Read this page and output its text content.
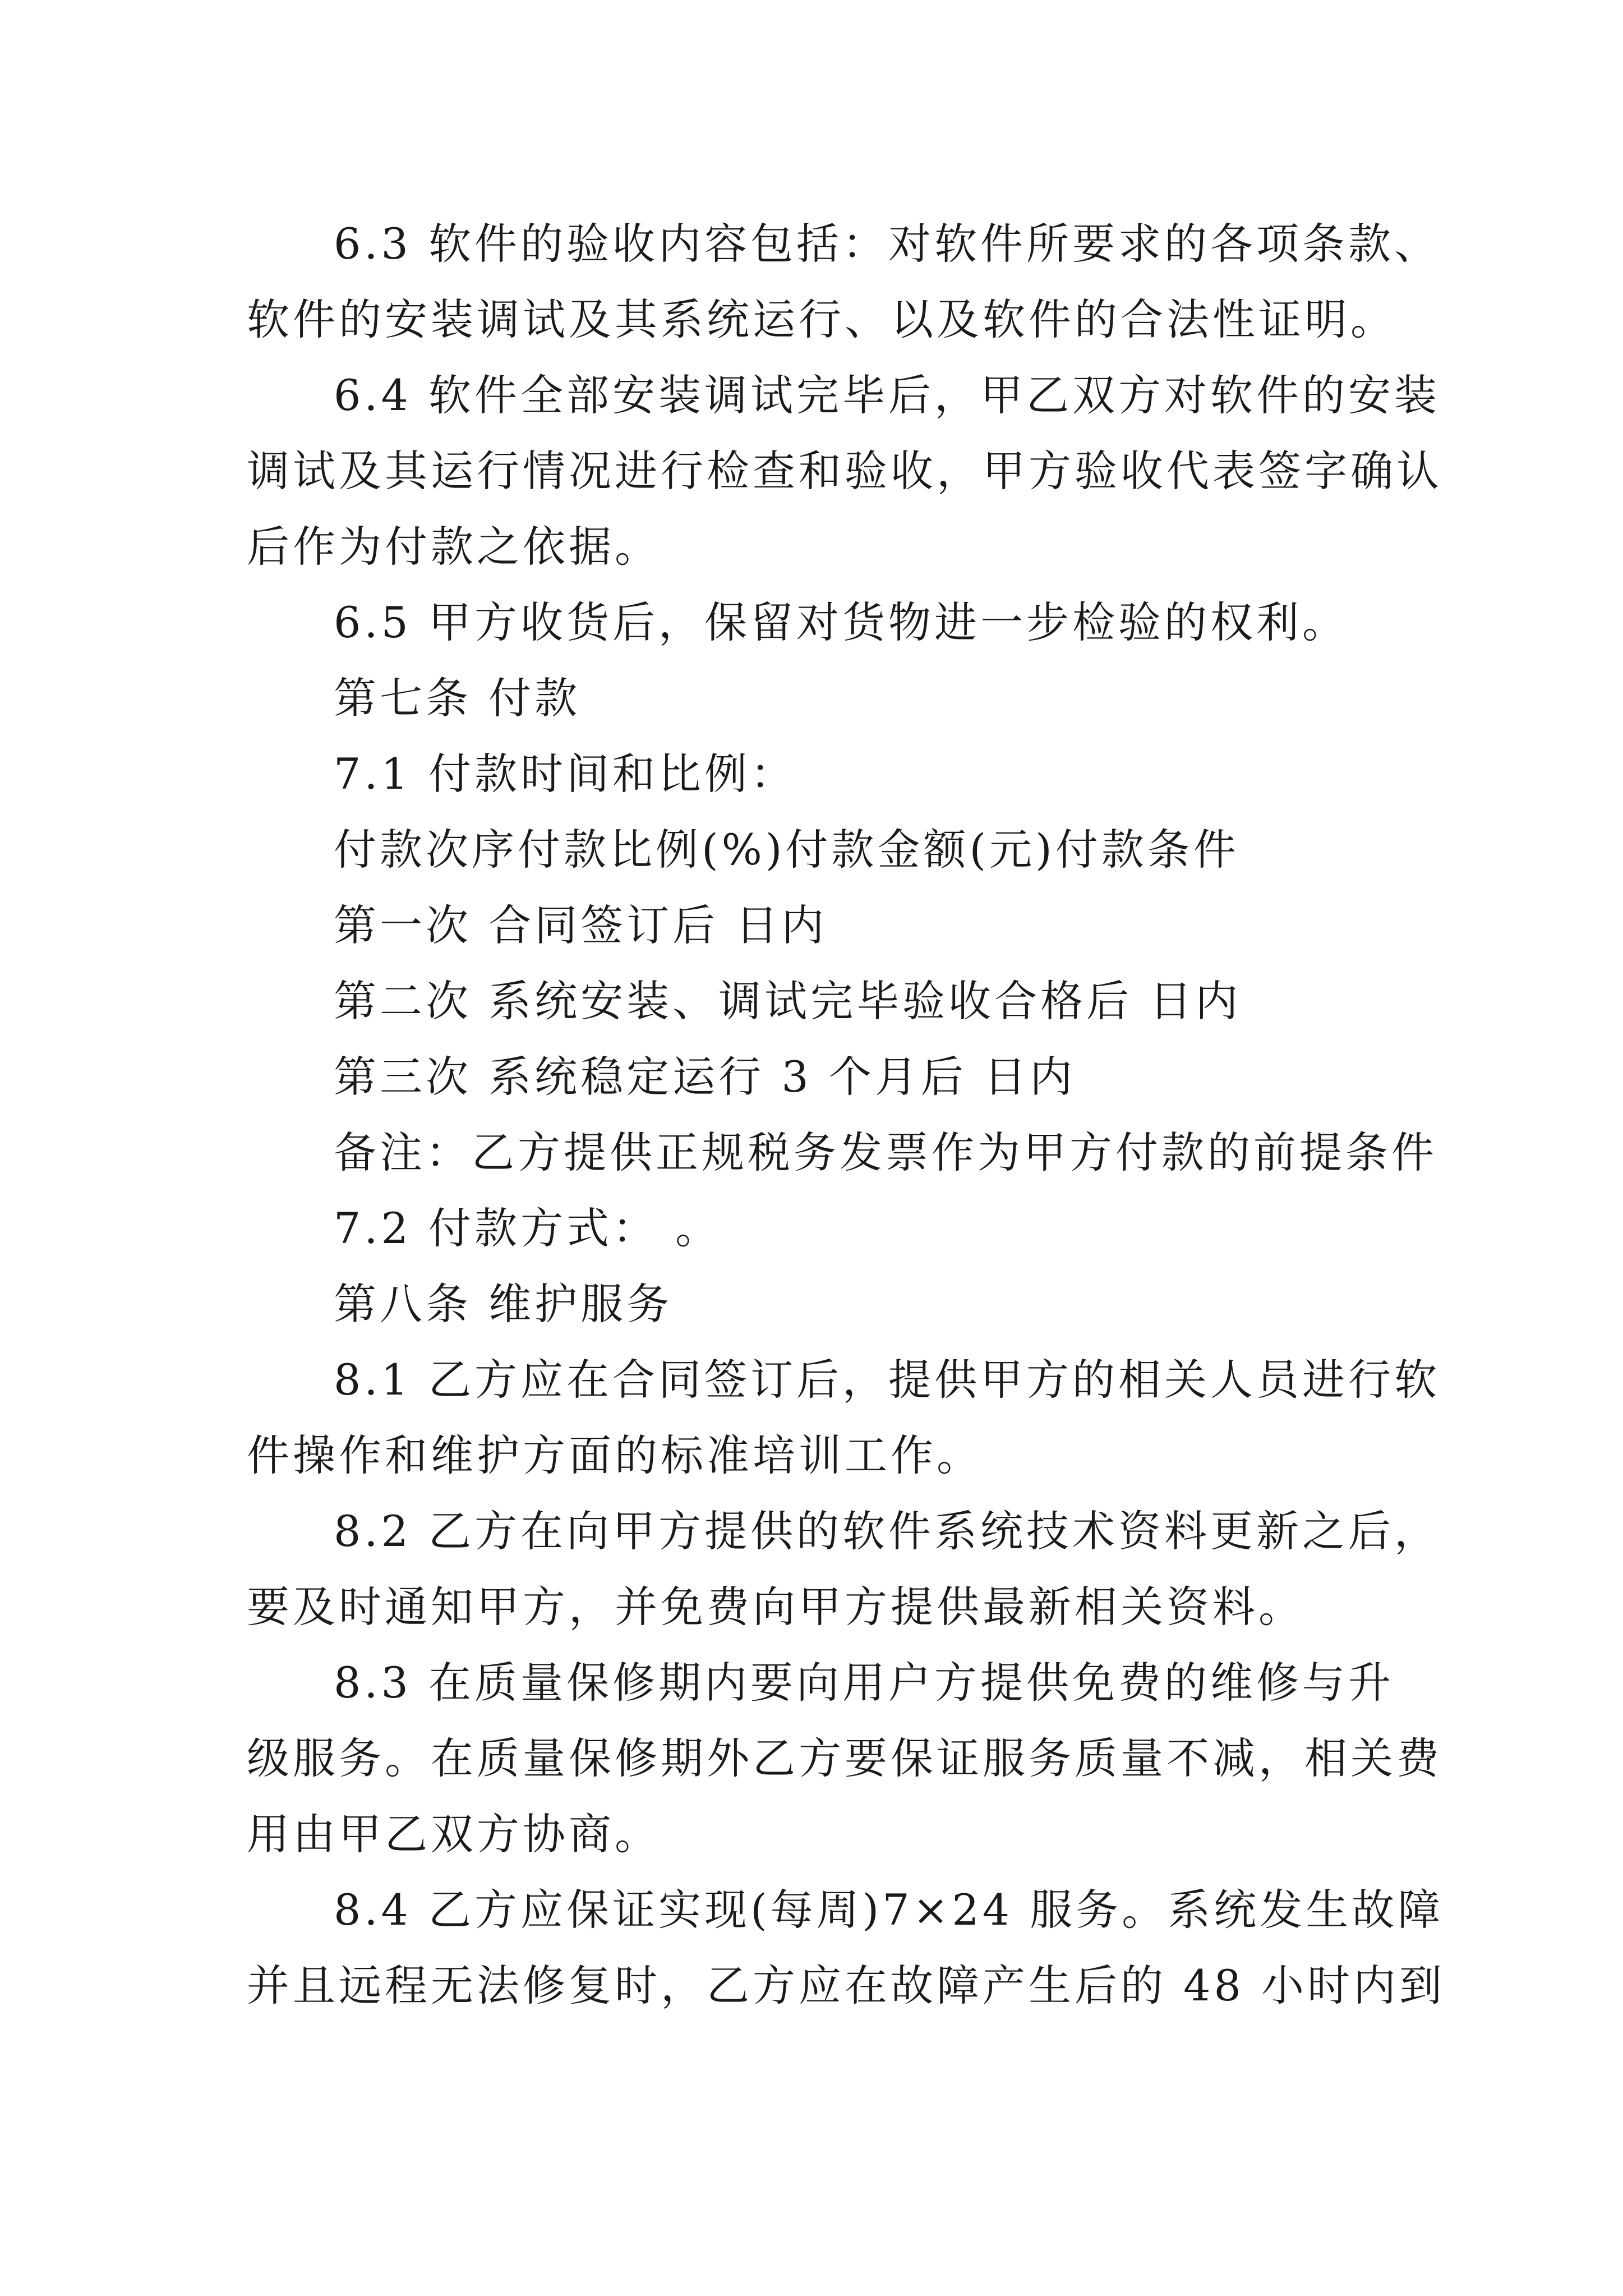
6.3 软件的验收内容包括：对软件所要求的各项条款、
软件的安装调试及其系统运行、以及软件的合法性证明。
6.4 软件全部安装调试完毕后，甲乙双方对软件的安装
调试及其运行情况进行检查和验收，甲方验收代表签字确认
后作为付款之依据。
6.5 甲方收货后，保留对货物进一步检验的权利。
第七条 付款
7.1 付款时间和比例：
付款次序付款比例(%)付款金额(元)付款条件
第一次 合同签订后 日内
第二次 系统安装、调试完毕验收合格后 日内
第三次 系统稳定运行 3 个月后 日内
备注：乙方提供正规税务发票作为甲方付款的前提条件
7.2 付款方式： 。
第八条 维护服务
8.1 乙方应在合同签订后，提供甲方的相关人员进行软
件操作和维护方面的标准培训工作。
8.2 乙方在向甲方提供的软件系统技术资料更新之后，
要及时通知甲方，并免费向甲方提供最新相关资料。
8.3 在质量保修期内要向用户方提供免费的维修与升
级服务。在质量保修期外乙方要保证服务质量不减，相关费
用由甲乙双方协商。
8.4 乙方应保证实现(每周)7×24 服务。系统发生故障
并且远程无法修复时，乙方应在故障产生后的 48 小时内到
